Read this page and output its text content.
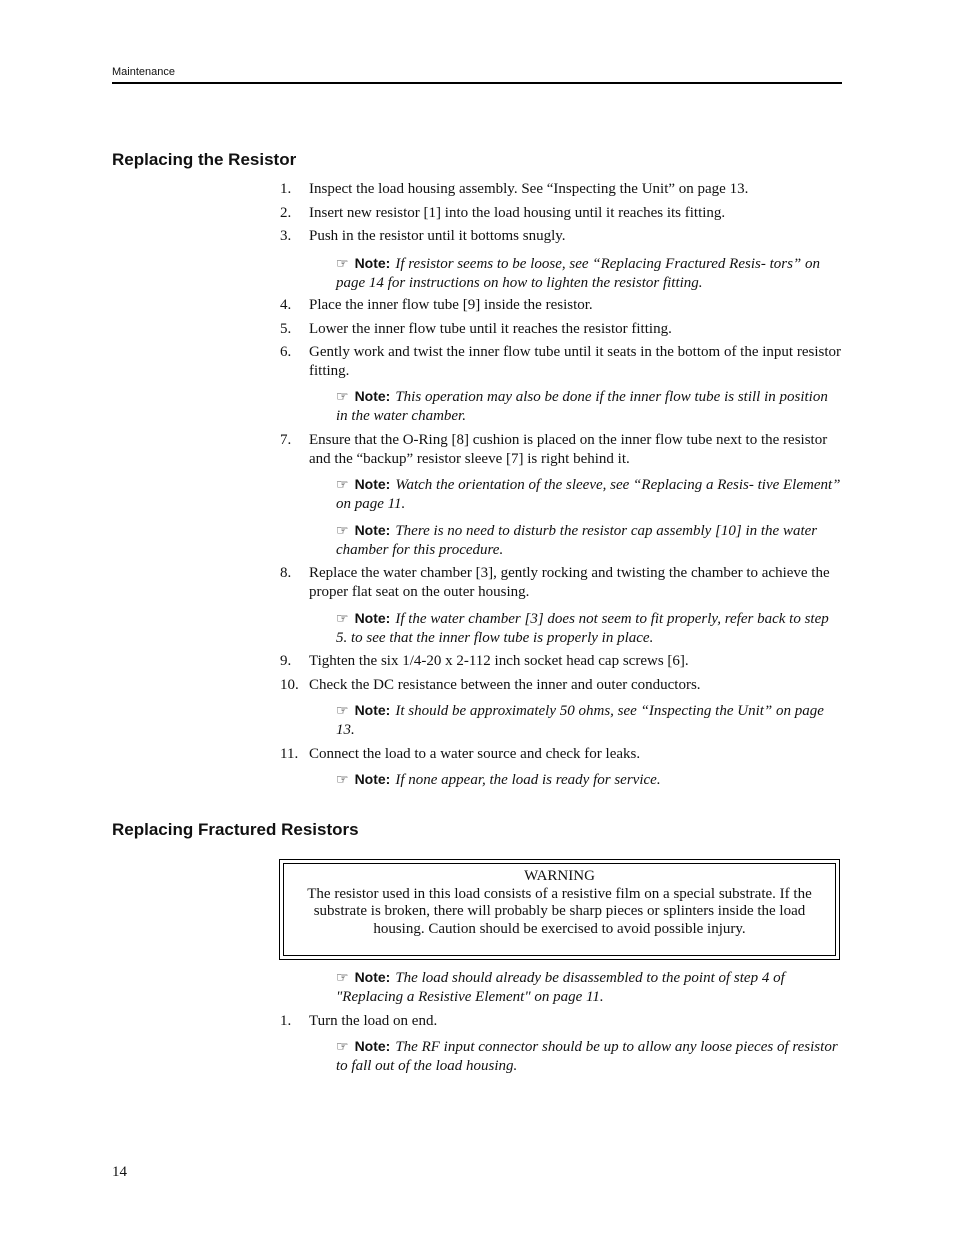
Maintenance
Replacing the Resistor
1.	Inspect the load housing assembly. See “Inspecting the Unit” on page 13.
2.	Insert new resistor [1] into the load housing until it reaches its fitting.
3.	Push in the resistor until it bottoms snugly.
☞ Note: If resistor seems to be loose, see “Replacing Fractured Resis- tors” on page 14 for instructions on how to lighten the resistor fitting.
4.	Place the inner flow tube [9] inside the resistor.
5.	Lower the inner flow tube until it reaches the resistor fitting.
6.	Gently work and twist the inner flow tube until it seats in the bottom of the input resistor fitting.
☞ Note: This operation may also be done if the inner flow tube is still in position in the water chamber.
7.	Ensure that the O-Ring [8] cushion is placed on the inner flow tube next to the resistor and the “backup” resistor sleeve [7] is right behind it.
☞ Note: Watch the orientation of the sleeve, see “Replacing a Resis- tive Element” on page 11.
☞ Note: There is no need to disturb the resistor cap assembly [10] in the water chamber for this procedure.
8.	Replace the water chamber [3], gently rocking and twisting the chamber to achieve the proper flat seat on the outer housing.
☞ Note: If the water chamber [3] does not seem to fit properly, refer back to step 5. to see that the inner flow tube is properly in place.
9.	Tighten the six 1/4-20 x 2-112 inch socket head cap screws [6].
10. Check the DC resistance between the inner and outer conductors.
☞ Note: It should be approximately 50 ohms, see “Inspecting the Unit” on page 13.
11. Connect the load to a water source and check for leaks.
☞ Note: If none appear, the load is ready for service.
Replacing Fractured Resistors
WARNING
The resistor used in this load consists of a resistive film on a special substrate. If the substrate is broken, there will probably be sharp pieces or splinters inside the load housing. Caution should be exercised to avoid possible injury.
☞ Note: The load should already be disassembled to the point of step 4 of "Replacing a Resistive Element" on page 11.
1.	Turn the load on end.
☞ Note: The RF input connector should be up to allow any loose pieces of resistor to fall out of the load housing.
14
